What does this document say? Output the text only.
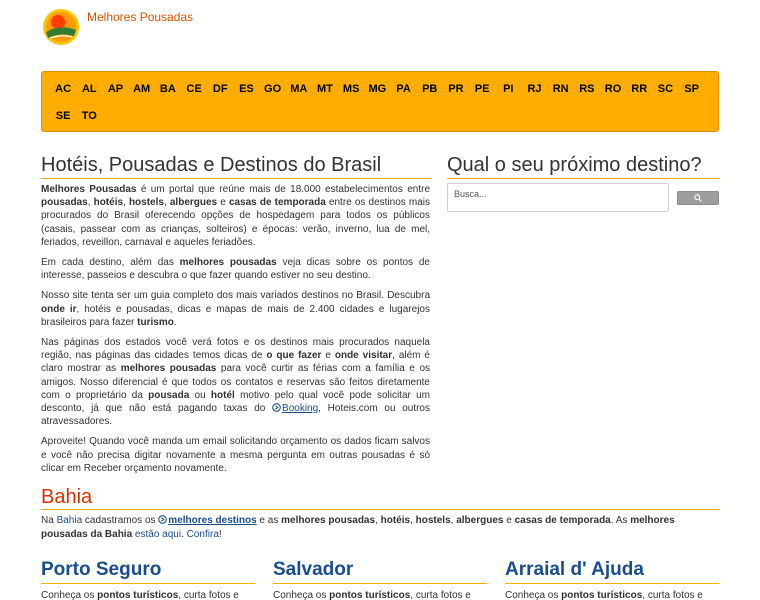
Melhores Pousadas
AC AL	AP AM BA CE	DF	ES GO MA MT MS MG PA	PB PR	PE	PI	RJ	RN RS RO RR SC	SP
SE	TO
Hotéis, Pousadas e Destinos do Brasil	Qual o seu próximo destino?

Melhores Pousadas é um portal que reúne mais de 18.000 estabelecimentos entre pousadas, hotéis, hostels, albergues e casas de temporada entre os destinos mais procurados do Brasil oferecendo opções de hospedagem para todos os públicos (casais, passear com as crianças, solteiros) e épocas: verão, inverno, lua de mel, feriados, reveillon, carnaval e aqueles feriadões.

Em cada destino, além das melhores pousadas veja dicas sobre os pontos de interesse, passeios e descubra o que fazer quando estiver no seu destino.

Nosso site tenta ser um guia completo dos mais variados destinos no Brasil. Descubra onde ir, hotéis e pousadas, dicas e mapas de mais de 2.400 cidades e lugarejos brasileiros para fazer turismo.

Nas páginas dos estados você verá fotos e os destinos mais procurados naquela região, nas páginas das cidades temos dicas de o que fazer e onde visitar, além é claro mostrar as melhores pousadas para você curtir as férias com a família e os amigos. Nosso diferencial é que todos os contatos e reservas são feitos diretamente com o proprietário da pousada ou hotél motivo pelo qual você pode solicitar um desconto, já que não está pagando taxas do Booking, Hoteis.com ou outros atravessadores.

Aproveite! Quando você manda um email solicitando orçamento os dados ficam salvos e você não precisa digitar novamente a mesma pergunta em outras pousadas é só clicar em Receber orçamento novamente.

Busca...
Bahia
Na Bahia cadastramos os melhores destinos e as melhores pousadas, hotéis, hostels, albergues e casas de temporada. As melhores pousadas da Bahia estão aqui. Confira!
Porto Seguro
Conheça os pontos turísticos, curta fotos e
Salvador
Conheça os pontos turísticos, curta fotos e
Arraial d' Ajuda
Conheça os pontos turísticos, curta fotos e
